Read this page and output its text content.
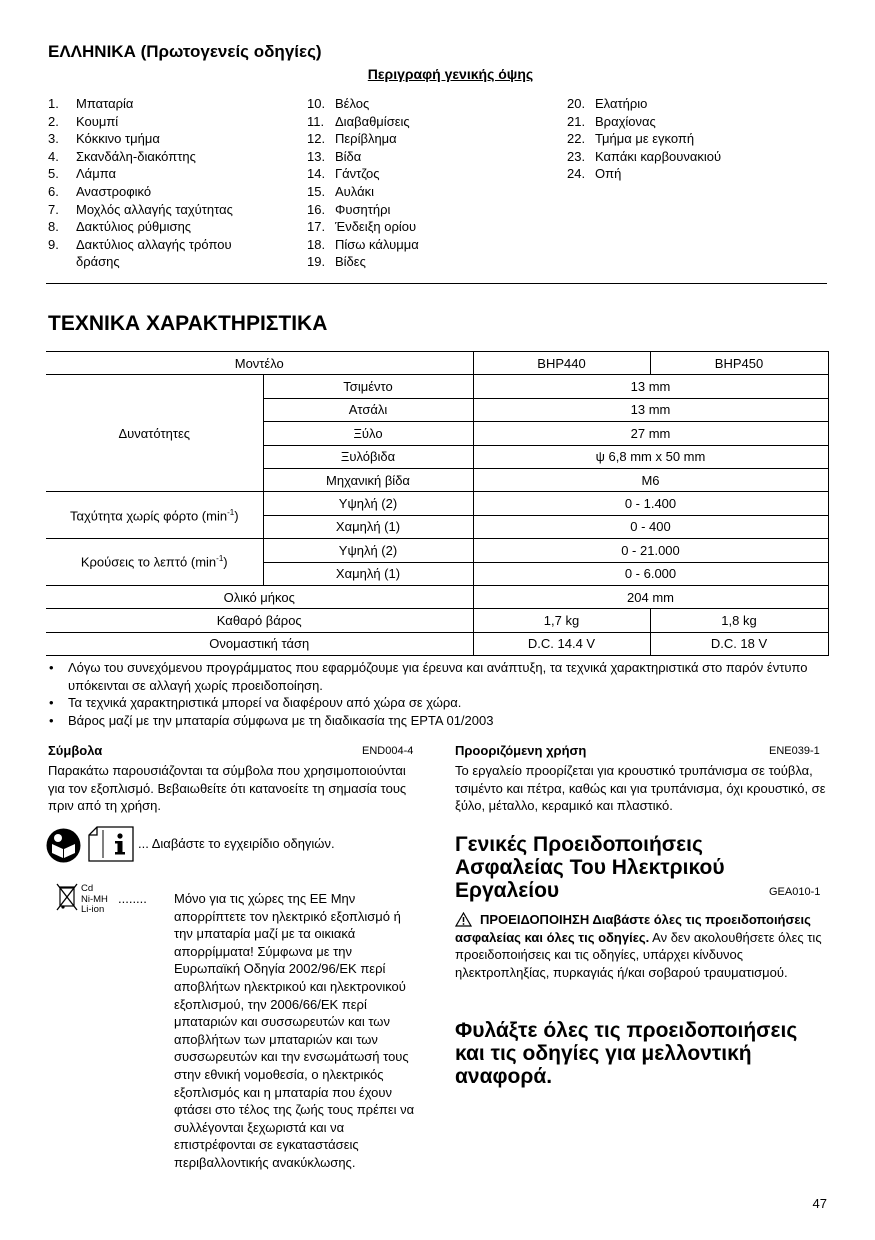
ΕΛΛΗΝΙΚΑ (Πρωτογενείς οδηγίες)
Περιγραφή γενικής όψης
1.	Μπαταρία
2.	Κουμπί
3.	Κόκκινο τμήμα
4.	Σκανδάλη-διακόπτης
5.	Λάμπα
6.	Αναστροφικό
7.	Μοχλός αλλαγής ταχύτητας
8.	Δακτύλιος ρύθμισης
9.	Δακτύλιος αλλαγής τρόπου δράσης
10. Βέλος
11. Διαβαθμίσεις
12. Περίβλημα
13. Βίδα
14. Γάντζος
15. Αυλάκι
16. Φυσητήρι
17. Ένδειξη ορίου
18. Πίσω κάλυμμα
19. Βίδες
20. Ελατήριο
21. Βραχίονας
22. Τμήμα με εγκοπή
23. Καπάκι καρβουνακιού
24. Οπή
ΤΕΧΝΙΚΑ ΧΑΡΑΚΤΗΡΙΣΤΙΚΑ
Μοντέλο		BHP440	BHP450
Δυνατότητες	Τσιμέντο	13 mm	
	Ατσάλι	13 mm	
	Ξύλο	27 mm	
	Ξυλόβιδα	ψ 6,8 mm x 50 mm	
	Μηχανική βίδα	M6	
Ταχύτητα χωρίς φόρτο $(\min^{-1})$	Υψηλή (2)	0 - 1.400	
	Χαμηλή (1)	0 - 400	
Κρούσεις το λεπτό $(\min^{-1})$	Υψηλή (2)	0 - 21.000	
	Χαμηλή (1)	0 - 6.000	
Ολικό μήκος		204 mm	
Καθαρό βάρος		1,7 kg	1,8 kg
Ονομαστική τάση		D.C. 14.4 V	D.C. 18 V
•	Λόγω του συνεχόμενου προγράμματος που εφαρμόζουμε για έρευνα και ανάπτυξη, τα τεχνικά χαρακτηριστικά στο παρόν έντυπο υπόκεινται σε αλλαγή χωρίς προειδοποίηση.
•	Τα τεχνικά χαρακτηριστικά μπορεί να διαφέρουν από χώρα σε χώρα.
•	Βάρος μαζί με την μπαταρία σύμφωνα με τη διαδικασία της EPTA 01/2003
Σύμβολα	END004-4
Παρακάτω παρουσιάζονται τα σύμβολα που χρησιμοποιούνται για τον εξοπλισμό. Βεβαιωθείτε ότι κατανοείτε τη σημασία τους πριν από τη χρήση.
... Διαβάστε το εγχειρίδιο οδηγιών.
Cd
Ni-MH
Li-ion
........ Μόνο για τις χώρες της ΕΕ Μην απορρίπτετε τον ηλεκτρικό εξοπλισμό ή την μπαταρία μαζί με τα οικιακά απορρίμματα! Σύμφωνα με την Ευρωπαϊκή Οδηγία 2002/96/ΕΚ περί αποβλήτων ηλεκτρικού και ηλεκτρονικού εξοπλισμού, την 2006/66/ΕΚ περί μπαταριών και συσσωρευτών και των αποβλήτων των μπαταριών και των συσσωρευτών και την ενσωμάτωσή τους στην εθνική νομοθεσία, ο ηλεκτρικός εξοπλισμός και η μπαταρία που έχουν φτάσει στο τέλος της ζωής τους πρέπει να συλλέγονται ξεχωριστά και να επιστρέφονται σε εγκαταστάσεις περιβαλλοντικής ανακύκλωσης.
Προοριζόμενη χρήση	ENE039-1
Το εργαλείο προορίζεται για κρουστικό τρυπάνισμα σε τούβλα, τσιμέντο και πέτρα, καθώς και για τρυπάνισμα, όχι κρουστικό, σε ξύλο, μέταλλο, κεραμικό και πλαστικό.
Γενικές Προειδοποιήσεις Ασφαλείας Του Ηλεκτρικού Εργαλείου	GEA010-1
ΠΡΟΕΙΔΟΠΟΙΗΣΗ Διαβάστε όλες τις προειδοποιήσεις ασφαλείας και όλες τις οδηγίες. Αν δεν ακολουθήσετε όλες τις προειδοποιήσεις και τις οδηγίες, υπάρχει κίνδυνος ηλεκτροπληξίας, πυρκαγιάς ή/και σοβαρού τραυματισμού.
Φυλάξτε όλες τις προειδοποιήσεις και τις οδηγίες για μελλοντική αναφορά.
47
